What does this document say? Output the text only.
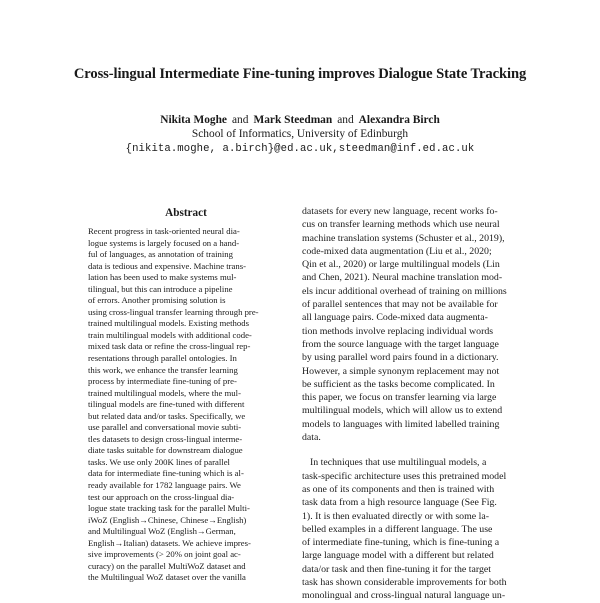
Cross-lingual Intermediate Fine-tuning improves Dialogue State Tracking
Nikita Moghe and Mark Steedman and Alexandra Birch
School of Informatics, University of Edinburgh
{nikita.moghe, a.birch}@ed.ac.uk,steedman@inf.ed.ac.uk
Abstract
Recent progress in task-oriented neural dia-
logue systems is largely focused on a hand-
ful of languages, as annotation of training
data is tedious and expensive. Machine trans-
lation has been used to make systems mul-
tilingual, but this can introduce a pipeline
of errors. Another promising solution is
using cross-lingual transfer learning through pre-
trained multilingual models. Existing methods
train multilingual models with additional code-
mixed task data or refine the cross-lingual rep-
resentations through parallel ontologies. In
this work, we enhance the transfer learning
process by intermediate fine-tuning of pre-
trained multilingual models, where the mul-
tilingual models are fine-tuned with different
but related data and/or tasks. Specifically, we
use parallel and conversational movie subti-
tles datasets to design cross-lingual interme-
diate tasks suitable for downstream dialogue
tasks. We use only 200K lines of parallel
data for intermediate fine-tuning which is al-
ready available for 1782 language pairs. We
test our approach on the cross-lingual dia-
logue state tracking task for the parallel Multi-
iWoZ (English→Chinese, Chinese→English)
and Multilingual WoZ (English→German,
English→Italian) datasets. We achieve impres-
sive improvements (> 20% on joint goal ac-
curacy) on the parallel MultiWoZ dataset and
the Multilingual WoZ dataset over the vanilla
datasets for every new language, recent works fo-
cus on transfer learning methods which use neural
machine translation systems (Schuster et al., 2019),
code-mixed data augmentation (Liu et al., 2020;
Qin et al., 2020) or large multilingual models (Lin
and Chen, 2021). Neural machine translation mod-
els incur additional overhead of training on millions
of parallel sentences that may not be available for
all language pairs. Code-mixed data augmenta-
tion methods involve replacing individual words
from the source language with the target language
by using parallel word pairs found in a dictionary.
However, a simple synonym replacement may not
be sufficient as the tasks become complicated. In
this paper, we focus on transfer learning via large
multilingual models, which will allow us to extend
models to languages with limited labelled training
data.
In techniques that use multilingual models, a
task-specific architecture uses this pretrained model
as one of its components and then is trained with
task data from a high resource language (See Fig.
1). It is then evaluated directly or with some la-
belled examples in a different language. The use
of intermediate fine-tuning, which is fine-tuning a
large language model with a different but related
data/or task and then fine-tuning it for the target
task has shown considerable improvements for both
monolingual and cross-lingual natural language un-
